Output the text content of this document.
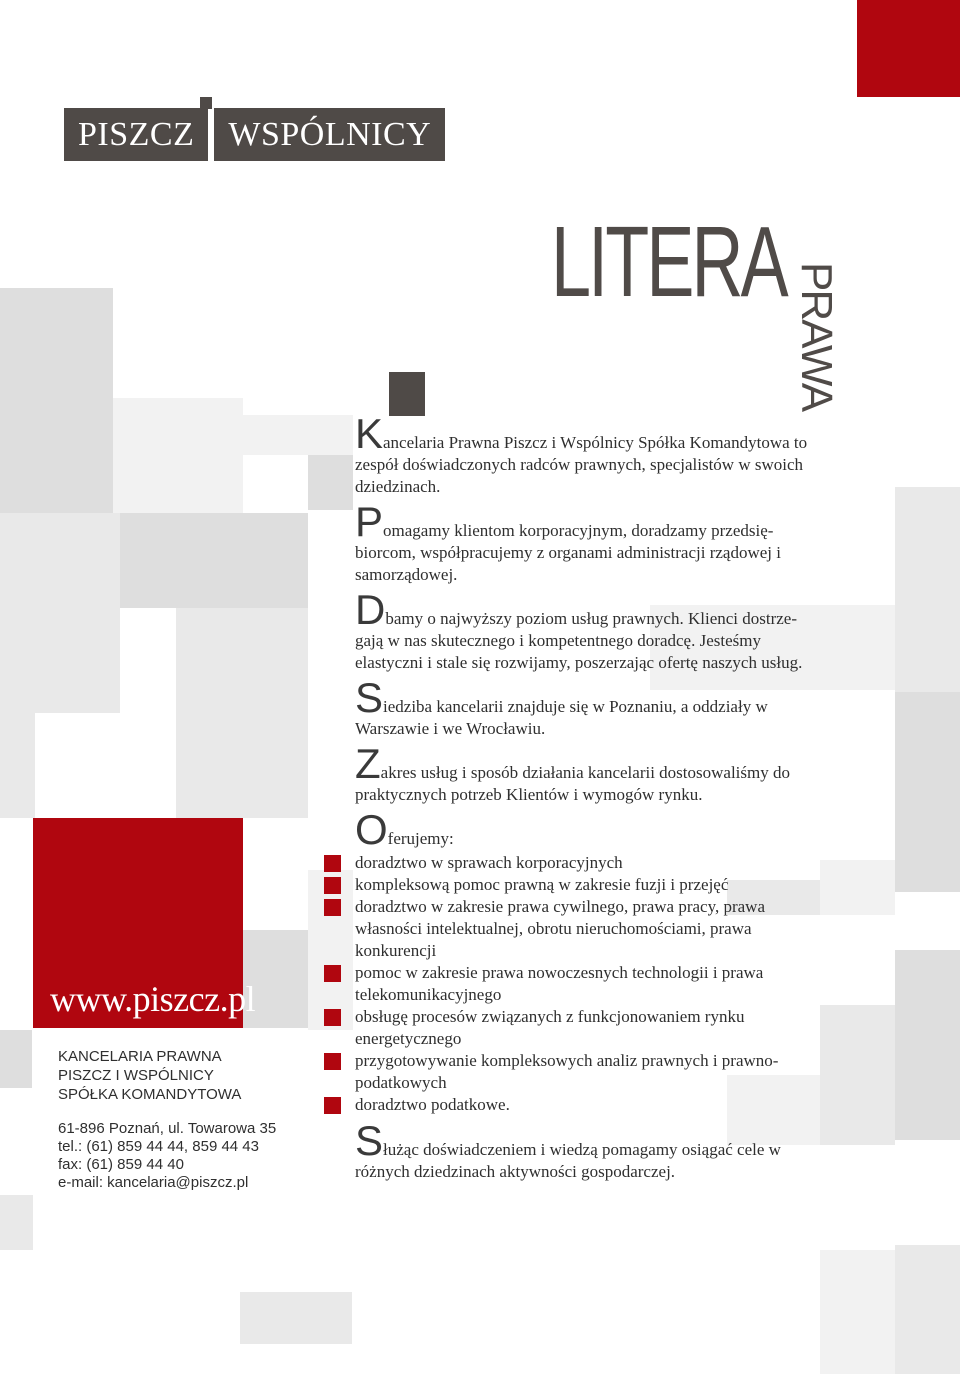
PISZCZ	WSPÓLNICY
LITERA PRAWA

Kancelaria Prawna Piszcz i Wspólnicy Spółka Komandytowa to zespół doświadczonych radców prawnych, specjalistów w swoich dziedzinach.

Pomagamy klientom korporacyjnym, doradzamy przedsię-biorcom, współpracujemy z organami administracji rządowej i samorządowej.

Dbamy o najwyższy poziom usług prawnych. Klienci dostrze-gają w nas skutecznego i kompetentnego doradcę. Jesteśmy elastyczni i stale się rozwijamy, poszerzając ofertę naszych usług.

Siedziba kancelarii znajduje się w Poznaniu, a oddziały w Warszawie i we Wrocławiu.

Zakres usług i sposób działania kancelarii dostosowaliśmy do praktycznych potrzeb Klientów i wymogów rynku.

Oferujemy:

doradztwo w sprawach korporacyjnych
kompleksową pomoc prawną w zakresie fuzji i przejęć
doradztwo w zakresie prawa cywilnego, prawa pracy, prawa własności intelektualnej, obrotu nieruchomościami, prawa konkurencji
pomoc w zakresie prawa nowoczesnych technologii i prawa telekomunikacyjnego
obsługę procesów związanych z funkcjonowaniem rynku energetycznego
przygotowywanie kompleksowych analiz prawnych i prawno-podatkowych
doradztwo podatkowe.

Służąc doświadczeniem i wiedzą pomagamy osiągać cele w różnych dziedzinach aktywności gospodarczej.

www.piszcz.pl
KANCELARIA PRAWNA
PISZCZ I WSPÓLNICY
SPÓŁKA KOMANDYTOWA
61-896 Poznań, ul. Towarowa 35
tel.: (61) 859 44 44, 859 44 43
fax: (61) 859 44 40
e-mail: kancelaria@piszcz.pl
